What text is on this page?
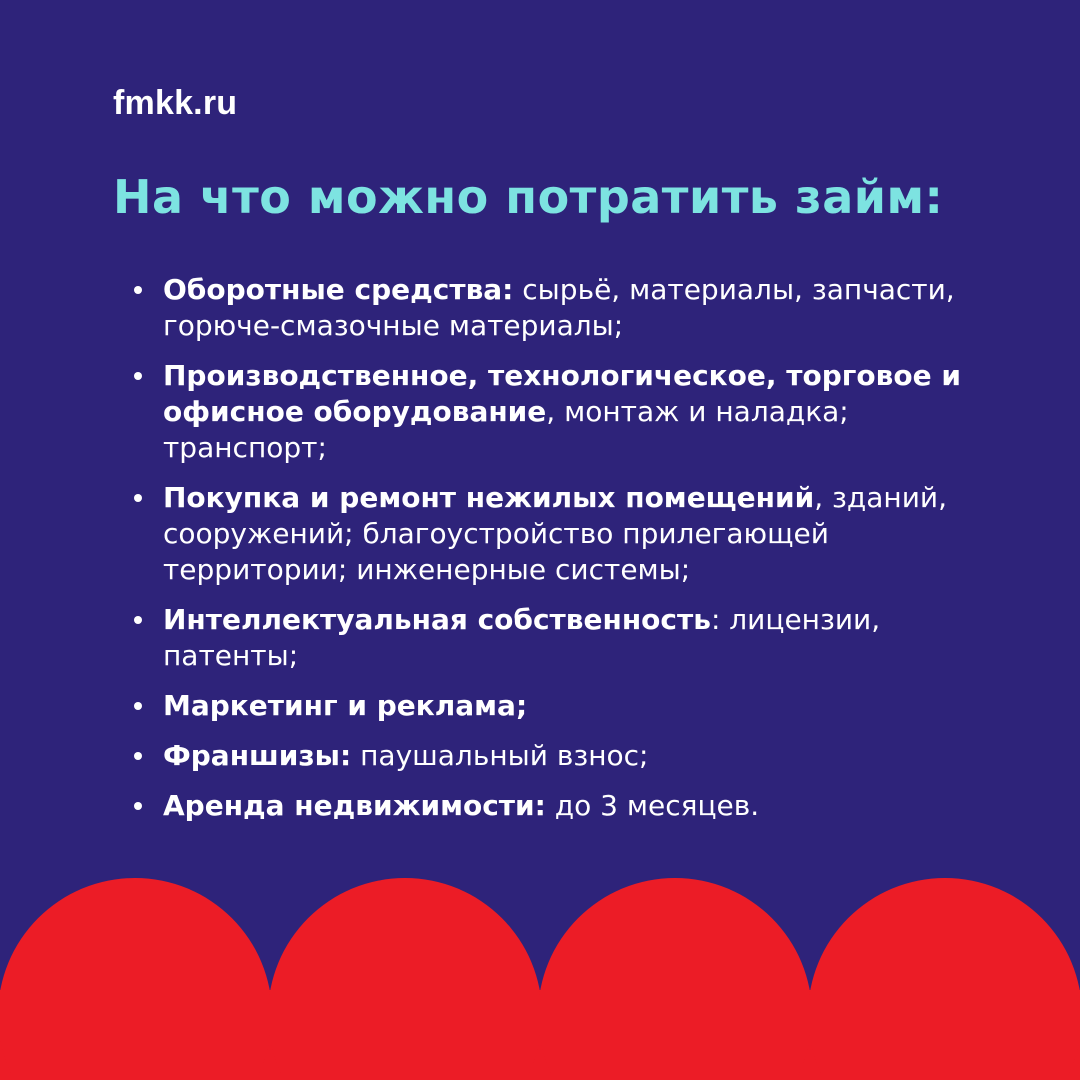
fmkk.ru
На что можно потратить займ:
Оборотные средства: сырьё, материалы, запчасти, горюче-смазочные материалы;
Производственное, технологическое, торговое и офисное оборудование, монтаж и наладка; транспорт;
Покупка и ремонт нежилых помещений, зданий, сооружений; благоустройство прилегающей территории; инженерные системы;
Интеллектуальная собственность: лицензии, патенты;
Маркетинг и реклама;
Франшизы: паушальный взнос;
Аренда недвижимости: до 3 месяцев.
